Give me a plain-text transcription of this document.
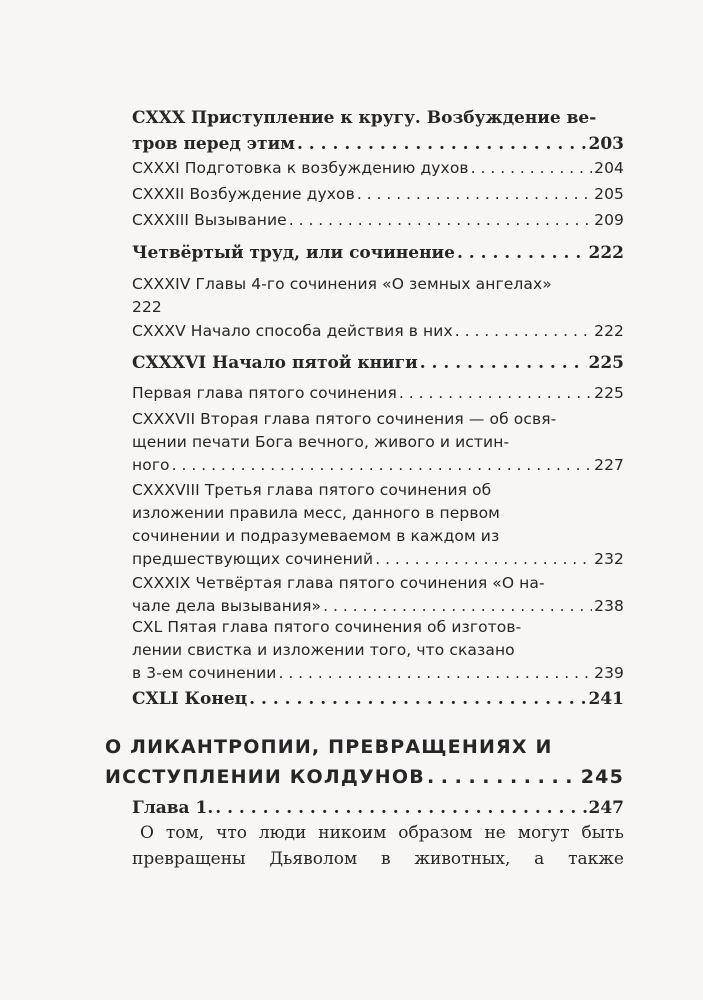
CXXX Приступление к кругу. Возбуждение ве-
тров перед этим . . .	203
CXXXI Подготовка к возбуждению духов . . .	204
CXXXII Возбуждение духов . . .	205
CXXXIII Вызывание . . .	209
Четвёртый труд, или сочинение . . .	222
CXXXIV Главы 4-го сочинения «О земных ангелах»
222
CXXXV Начало способа действия в них . . .	222
CXXXVI Начало пятой книги . . .	225
Первая глава пятого сочинения . . .	225
CXXXVII Вторая глава пятого сочинения — об освя-
щении печати Бога вечного, живого и истин-
ного . . .	227
CXXXVIII Третья глава пятого сочинения об
изложении правила месс, данного в первом
сочинении и подразумеваемом в каждом из
предшествующих сочинений . . .	232
CXXXIX Четвёртая глава пятого сочинения «О на-
чале дела вызывания» . . .	238
CXL Пятая глава пятого сочинения об изготов-
лении свистка и изложении того, что сказано
в 3-ем сочинении . . .	239
CXLI Конец . . .	241
О ЛИКАНТРОПИИ, ПРЕВРАЩЕНИЯХ И
ИССТУПЛЕНИИ КОЛДУНОВ . . .	245
Глава 1. . . .	247
О том, что люди никоим образом не могут быть
превращены Дьяволом в животных, а также
